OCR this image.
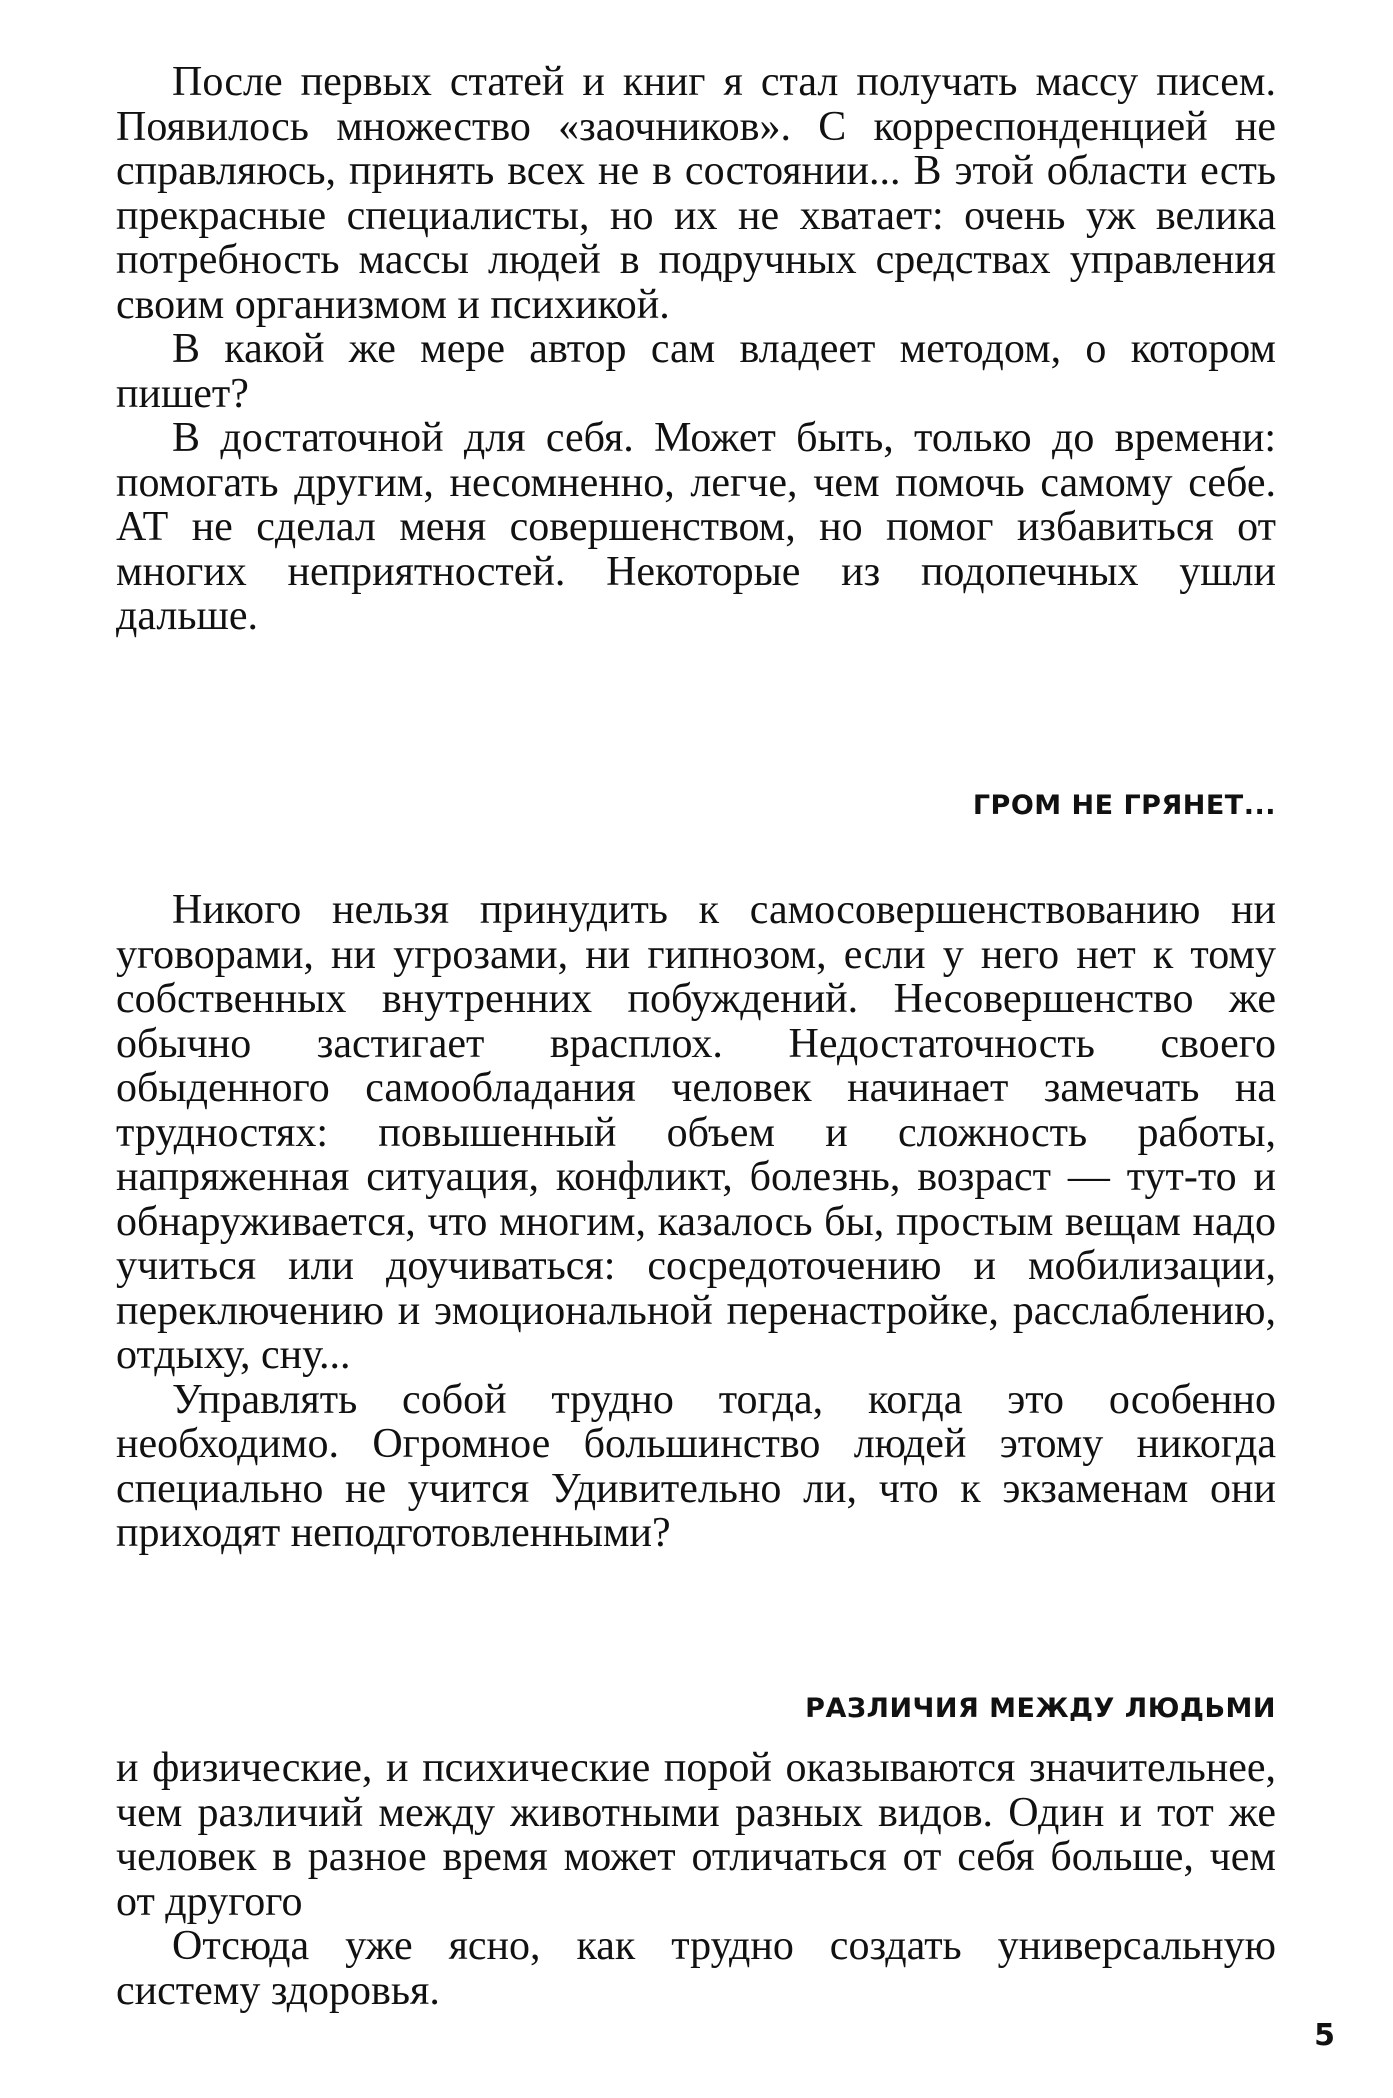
После первых статей и книг я стал получать массу писем. Появилось множество «заочников». С корреспонденцией не справляюсь, принять всех не в состоянии... В этой области есть прекрасные специалисты, но их не хватает: очень уж велика потребность массы людей в подручных средствах управления своим организмом и психикой.

В какой же мере автор сам владеет методом, о котором пишет?

В достаточной для себя. Может быть, только до времени: помогать другим, несомненно, легче, чем помочь самому себе. АТ не сделал меня совершенством, но помог избавиться от многих неприятностей. Некоторые из подопечных ушли дальше.

ГРОМ НЕ ГРЯНЕТ...

Никого нельзя принудить к самосовершенствованию ни уговорами, ни угрозами, ни гипнозом, если у него нет к тому собственных внутренних побуждений. Несовершенство же обычно застигает врасплох. Недостаточность своего обыденного самообладания человек начинает замечать на трудностях: повышенный объем и сложность работы, напряженная ситуация, конфликт, болезнь, возраст — тут-то и обнаруживается, что многим, казалось бы, простым вещам надо учиться или доучиваться: сосредоточению и мобилизации, переключению и эмоциональной перенастройке, расслаблению, отдыху, сну...

Управлять собой трудно тогда, когда это особенно необходимо. Огромное большинство людей этому никогда специально не учится Удивительно ли, что к экзаменам они приходят неподготовленными?

РАЗЛИЧИЯ МЕЖДУ ЛЮДЬМИ

и физические, и психические порой оказываются значительнее, чем различий между животными разных видов. Один и тот же человек в разное время может отличаться от себя больше, чем от другого

Отсюда уже ясно, как трудно создать универсальную систему здоровья.

5
